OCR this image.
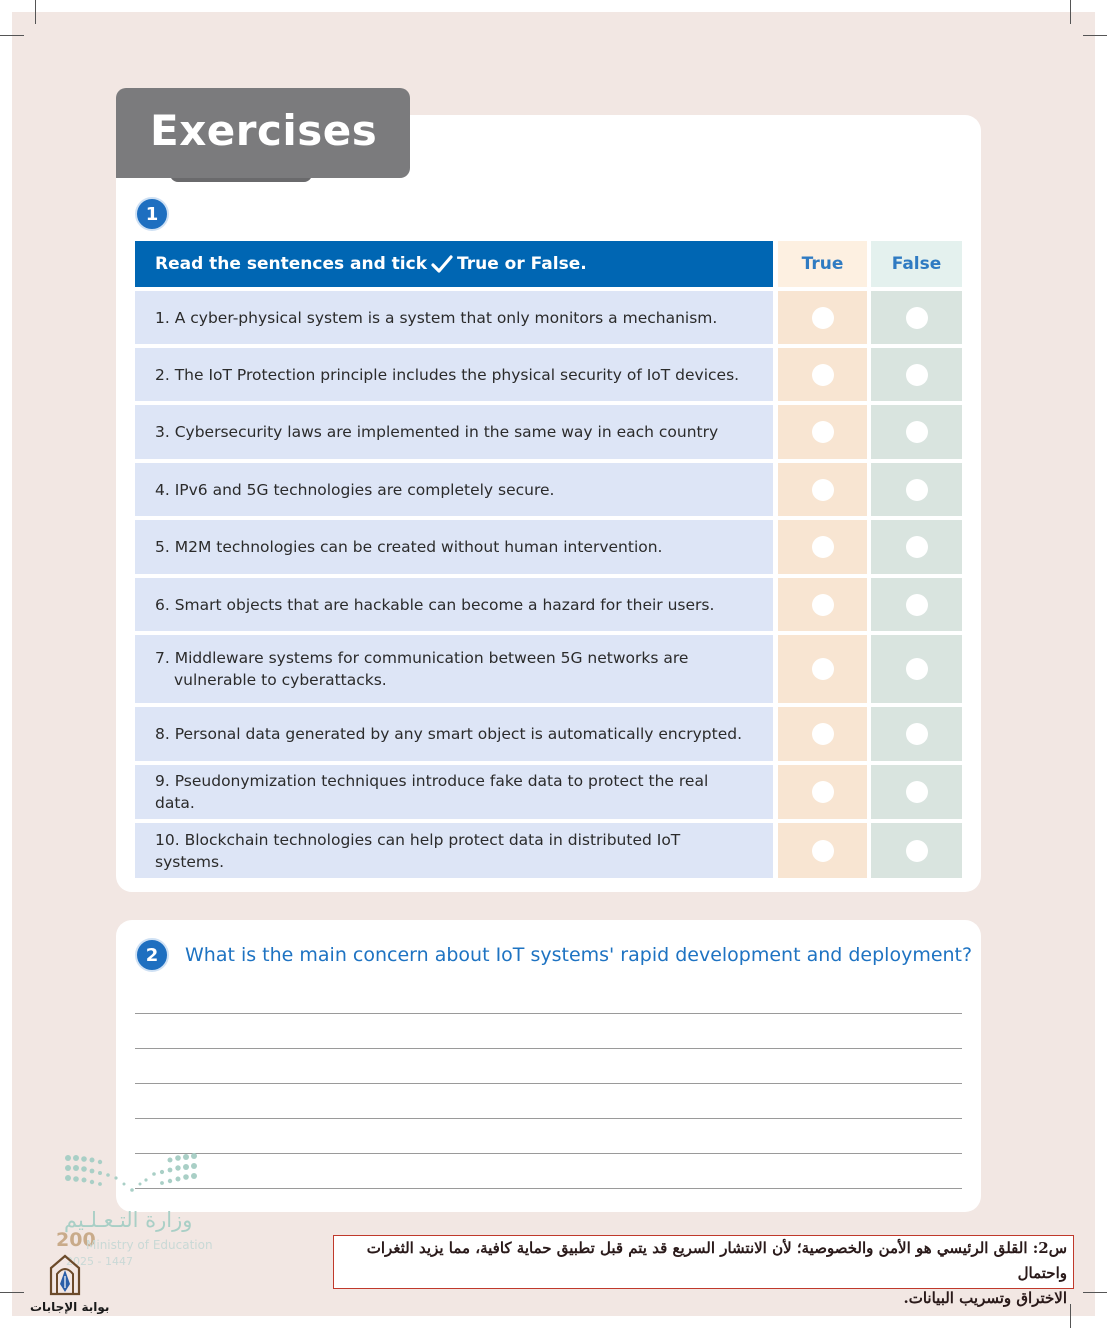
Exercises
1
Read the sentences and tick True or False.	True	False
1. A cyber-physical system is a system that only monitors a mechanism.
2. The IoT Protection principle includes the physical security of IoT devices.
3. Cybersecurity laws are implemented in the same way in each country
4. IPv6 and 5G technologies are completely secure.
5. M2M technologies can be created without human intervention.
6. Smart objects that are hackable can become a hazard for their users.
7. Middleware systems for communication between 5G networks are
vulnerable to cyberattacks.
8. Personal data generated by any smart object is automatically encrypted.
9. Pseudonymization techniques introduce fake data to protect the real data.
10. Blockchain technologies can help protect data in distributed IoT systems.
2	What is the main concern about IoT systems' rapid development and deployment?
وزارة التـعـلـيم
200
Ministry of Education
2025 - 1447
بوابة الإجابات
س2: القلق الرئيسي هو الأمن والخصوصية؛ لأن الانتشار السريع قد يتم قبل تطبيق حماية كافية، مما يزيد الثغرات واحتمال
الاختراق وتسريب البيانات.
